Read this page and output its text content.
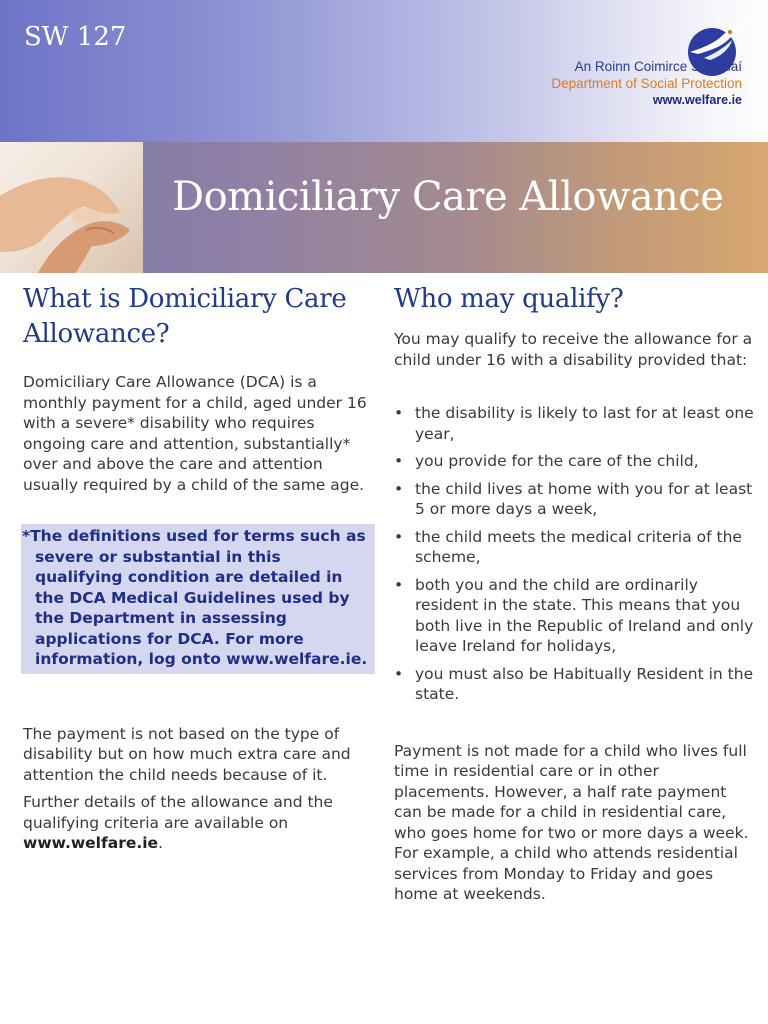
SW 127
An Roinn Coimirce Sóisialaí
Department of Social Protection
www.welfare.ie
Domiciliary Care Allowance
What is Domiciliary Care Allowance?

Domiciliary Care Allowance (DCA) is a monthly payment for a child, aged under 16 with a severe* disability who requires ongoing care and attention, substantially* over and above the care and attention usually required by a child of the same age.

*The definitions used for terms such as severe or substantial in this qualifying condition are detailed in the DCA Medical Guidelines used by the Department in assessing applications for DCA. For more information, log onto www.welfare.ie.

The payment is not based on the type of disability but on how much extra care and attention the child needs because of it.

Further details of the allowance and the qualifying criteria are available on www.welfare.ie.

Who may qualify?

You may qualify to receive the allowance for a child under 16 with a disability provided that:

• the disability is likely to last for at least one year,
• you provide for the care of the child,
• the child lives at home with you for at least 5 or more days a week,
• the child meets the medical criteria of the scheme,
• both you and the child are ordinarily resident in the state. This means that you both live in the Republic of Ireland and only leave Ireland for holidays,
• you must also be Habitually Resident in the state.

Payment is not made for a child who lives full time in residential care or in other placements. However, a half rate payment can be made for a child in residential care, who goes home for two or more days a week. For example, a child who attends residential services from Monday to Friday and goes home at weekends.
